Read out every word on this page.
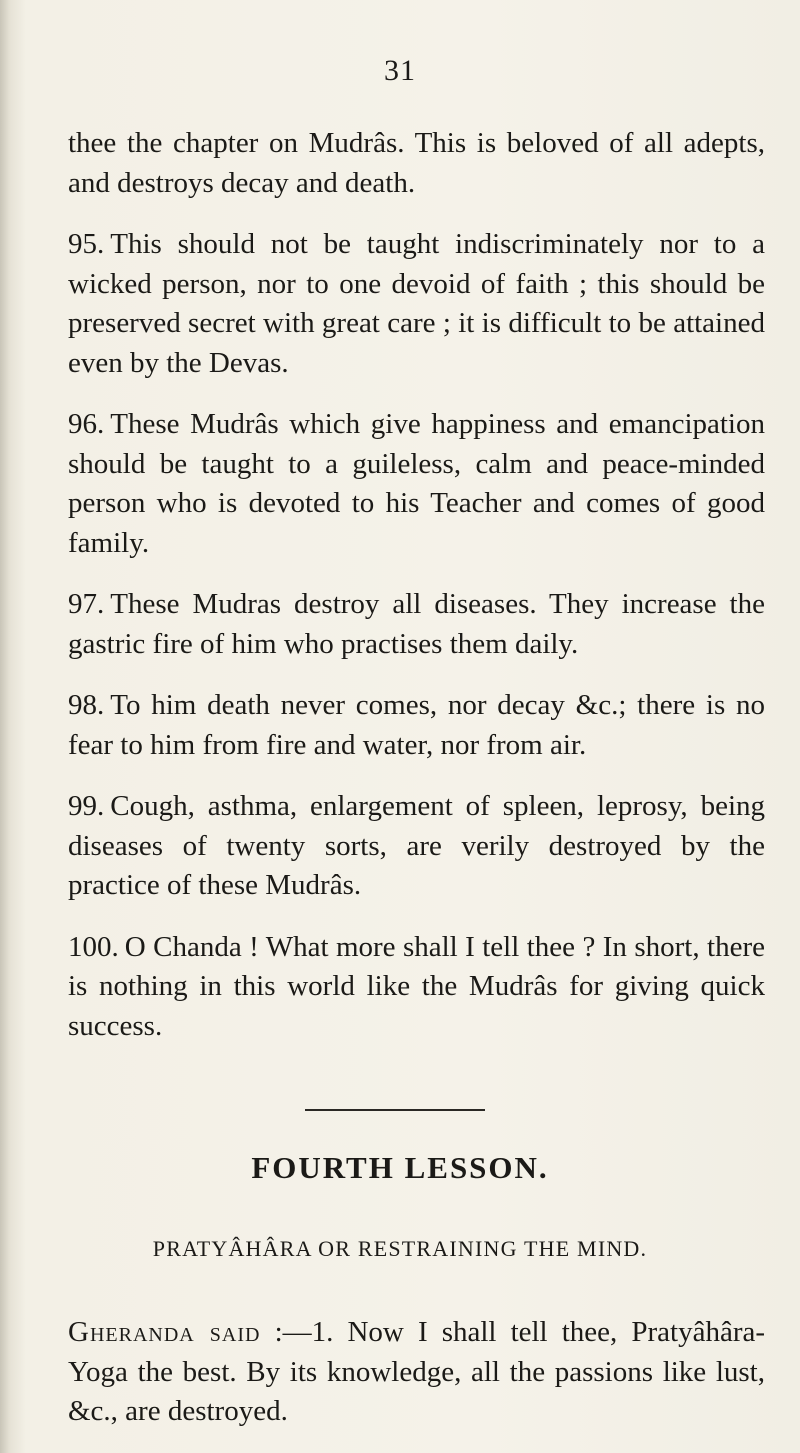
31

thee the chapter on Mudrâs. This is beloved of all adepts, and destroys decay and death.

95. This should not be taught indiscriminately nor to a wicked person, nor to one devoid of faith ; this should be preserved secret with great care ; it is difficult to be attained even by the Devas.

96. These Mudrâs which give happiness and emancipation should be taught to a guileless, calm and peace-minded person who is devoted to his Teacher and comes of good family.

97. These Mudras destroy all diseases. They increase the gastric fire of him who practises them daily.

98. To him death never comes, nor decay &c.; there is no fear to him from fire and water, nor from air.

99. Cough, asthma, enlargement of spleen, leprosy, being diseases of twenty sorts, are verily destroyed by the practice of these Mudrâs.

100. O Chanda ! What more shall I tell thee ? In short, there is nothing in this world like the Mudrâs for giving quick success.

FOURTH LESSON.
PRATYÂHÂRA OR RESTRAINING THE MIND.

Gheranda said :—1. Now I shall tell thee, Pratyâhâra-Yoga the best. By its knowledge, all the passions like lust, &c., are destroyed.
